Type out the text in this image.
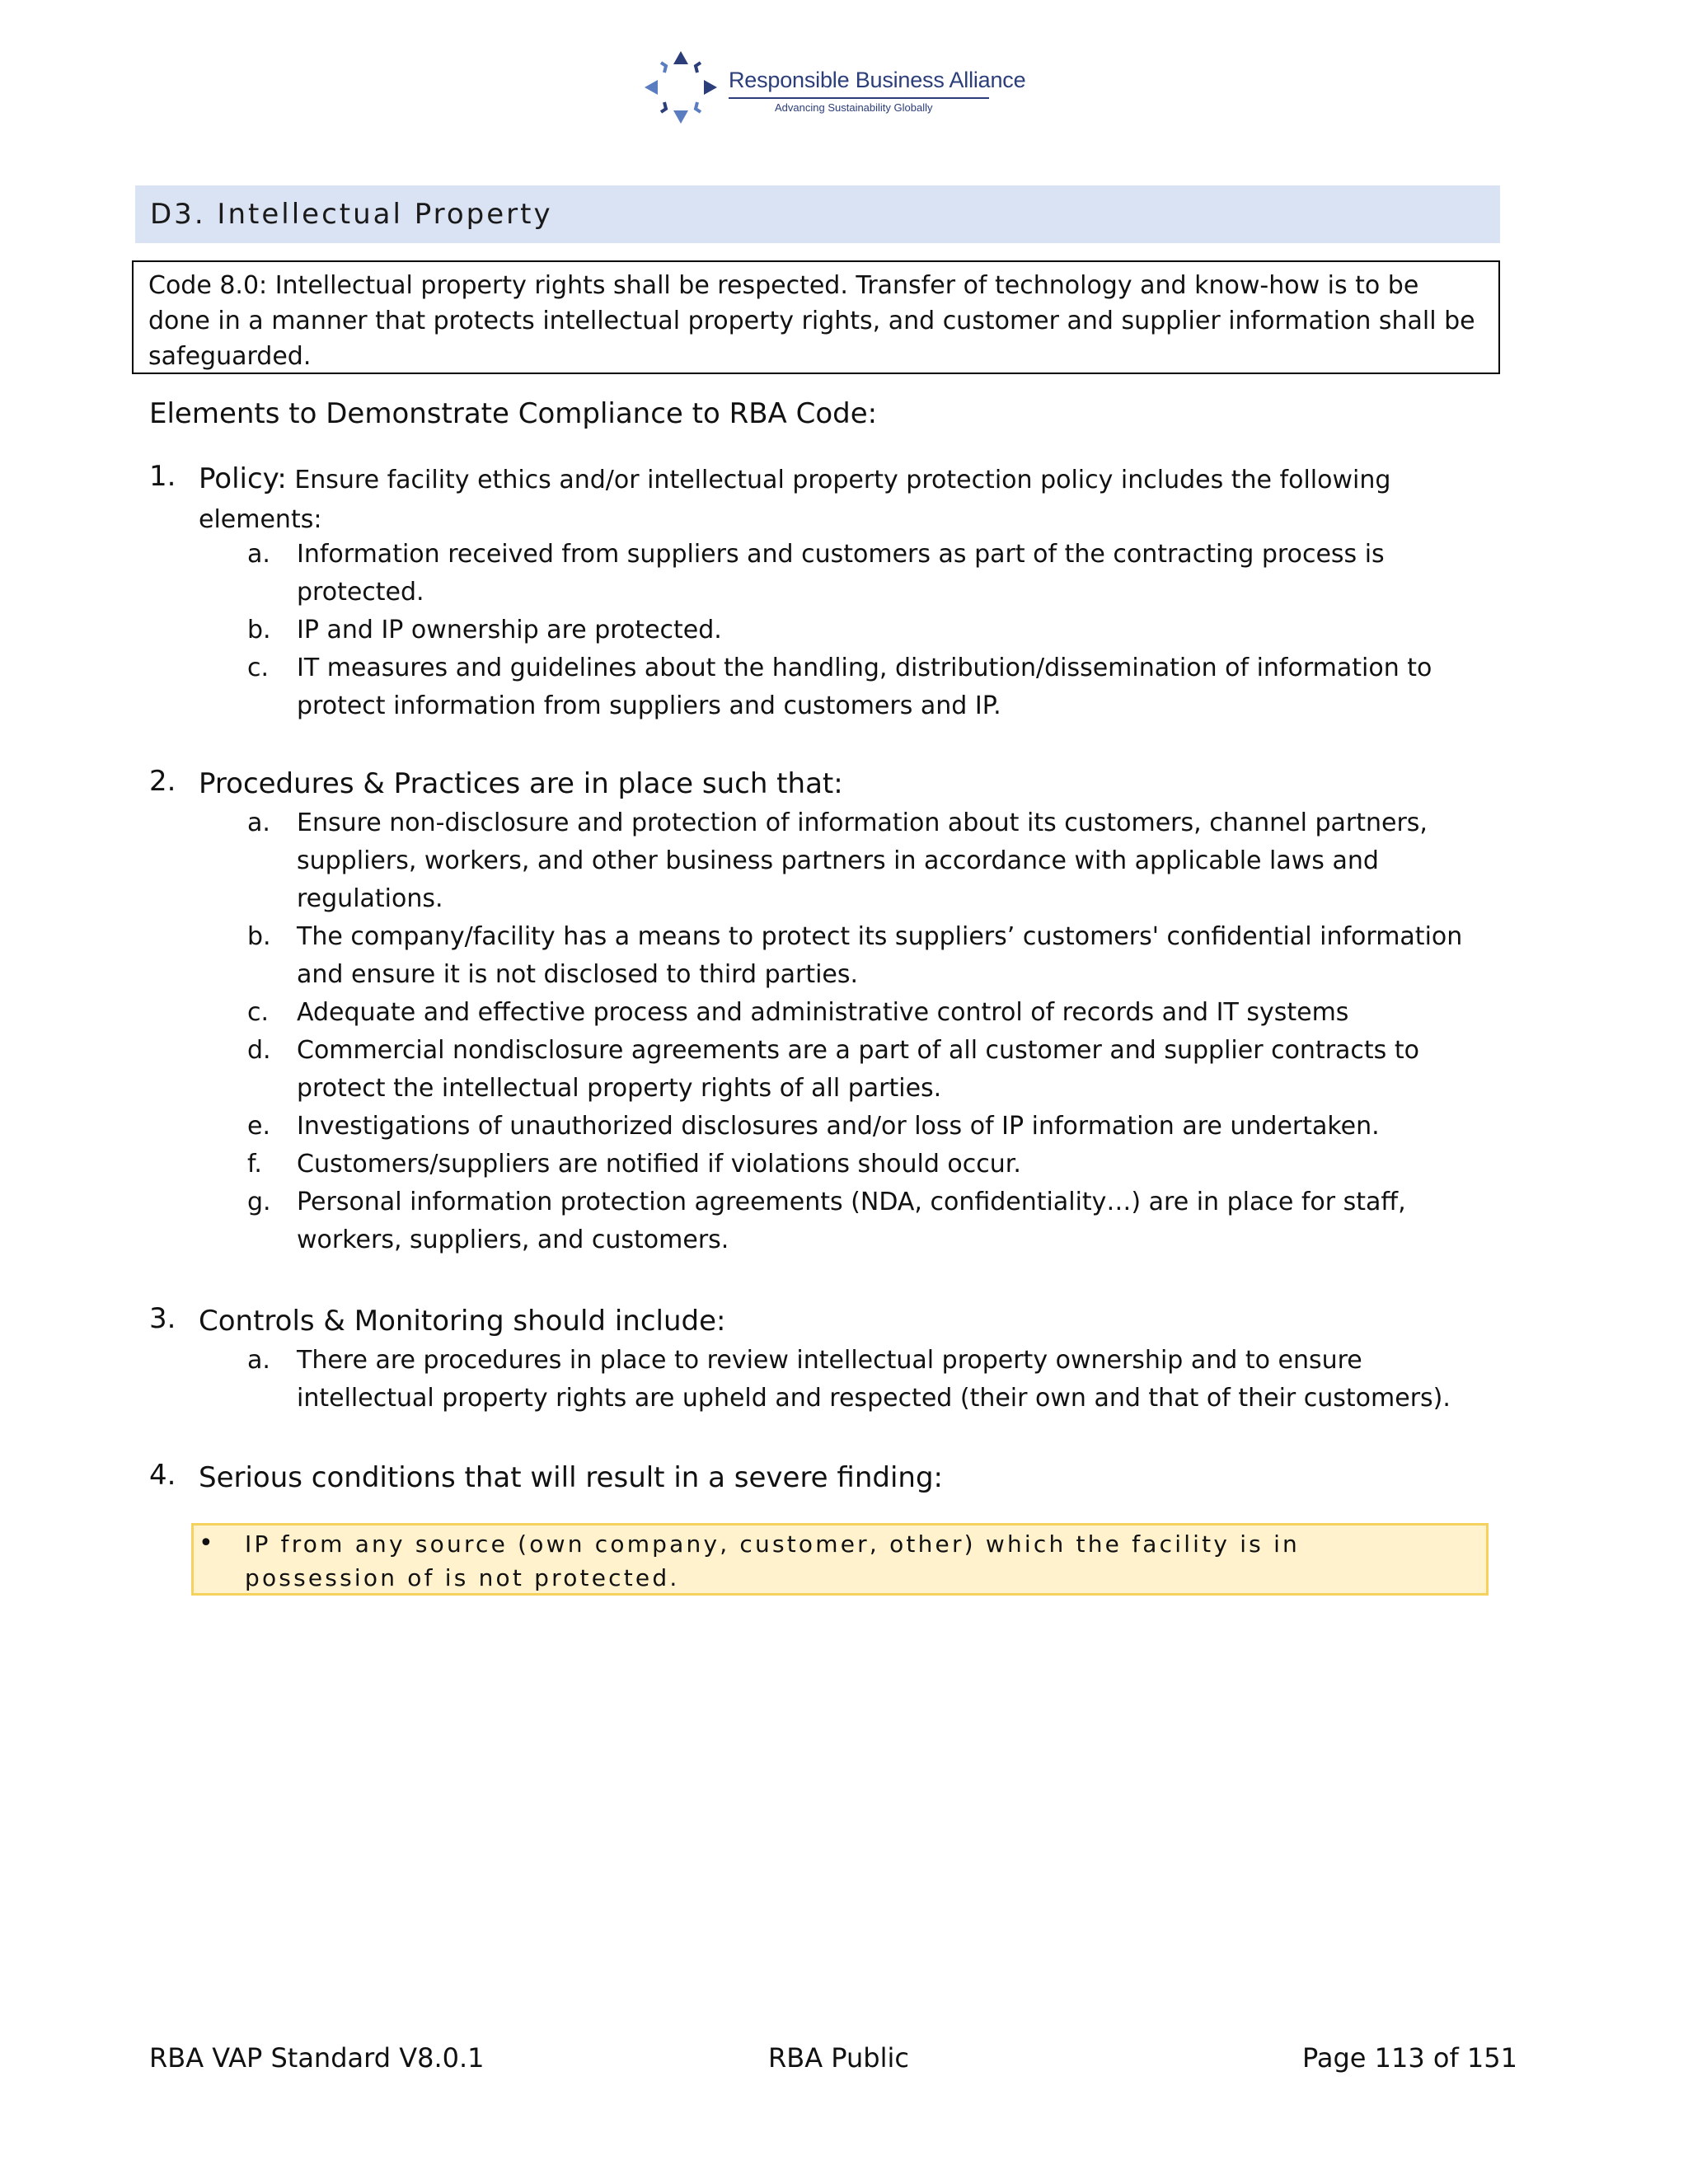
Responsible Business Alliance
Advancing Sustainability Globally
D3. Intellectual Property
Code 8.0: Intellectual property rights shall be respected. Transfer of technology and know-how is to be done in a manner that protects intellectual property rights, and customer and supplier information shall be safeguarded.
Elements to Demonstrate Compliance to RBA Code:
1. Policy: Ensure facility ethics and/or intellectual property protection policy includes the following elements:
a.	Information received from suppliers and customers as part of the contracting process is protected.
b.	IP and IP ownership are protected.
c.	IT measures and guidelines about the handling, distribution/dissemination of information to protect information from suppliers and customers and IP.
2. Procedures & Practices are in place such that:
a.	Ensure non-disclosure and protection of information about its customers, channel partners, suppliers, workers, and other business partners in accordance with applicable laws and regulations.
b.	The company/facility has a means to protect its suppliers’ customers' confidential information and ensure it is not disclosed to third parties.
c.	Adequate and effective process and administrative control of records and IT systems
d.	Commercial nondisclosure agreements are a part of all customer and supplier contracts to protect the intellectual property rights of all parties.
e.	Investigations of unauthorized disclosures and/or loss of IP information are undertaken.
f.	Customers/suppliers are notified if violations should occur.
g.	Personal information protection agreements (NDA, confidentiality…) are in place for staff, workers, suppliers, and customers.
3. Controls & Monitoring should include:
a.	There are procedures in place to review intellectual property ownership and to ensure intellectual property rights are upheld and respected (their own and that of their customers).
4. Serious conditions that will result in a severe finding:
• IP from any source (own company, customer, other) which the facility is in possession of is not protected.
RBA VAP Standard V8.0.1	RBA Public	Page 113 of 151
